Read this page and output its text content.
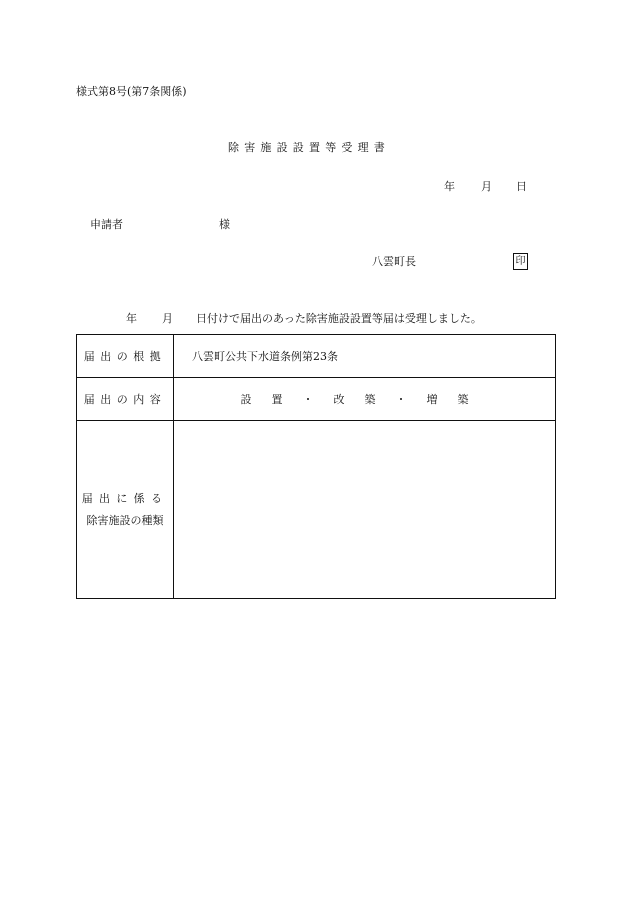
様式第8号(第7条関係)
除害施設設置等受理書
年 月 日
申請者	様
八雲町長	印
年 月 日付けで届出のあった除害施設設置等届は受理しました。
届出の根拠	八雲町公共下水道条例第23条
届出の内容	設置・改築・増築

届出に係る
除害施設の種類	
